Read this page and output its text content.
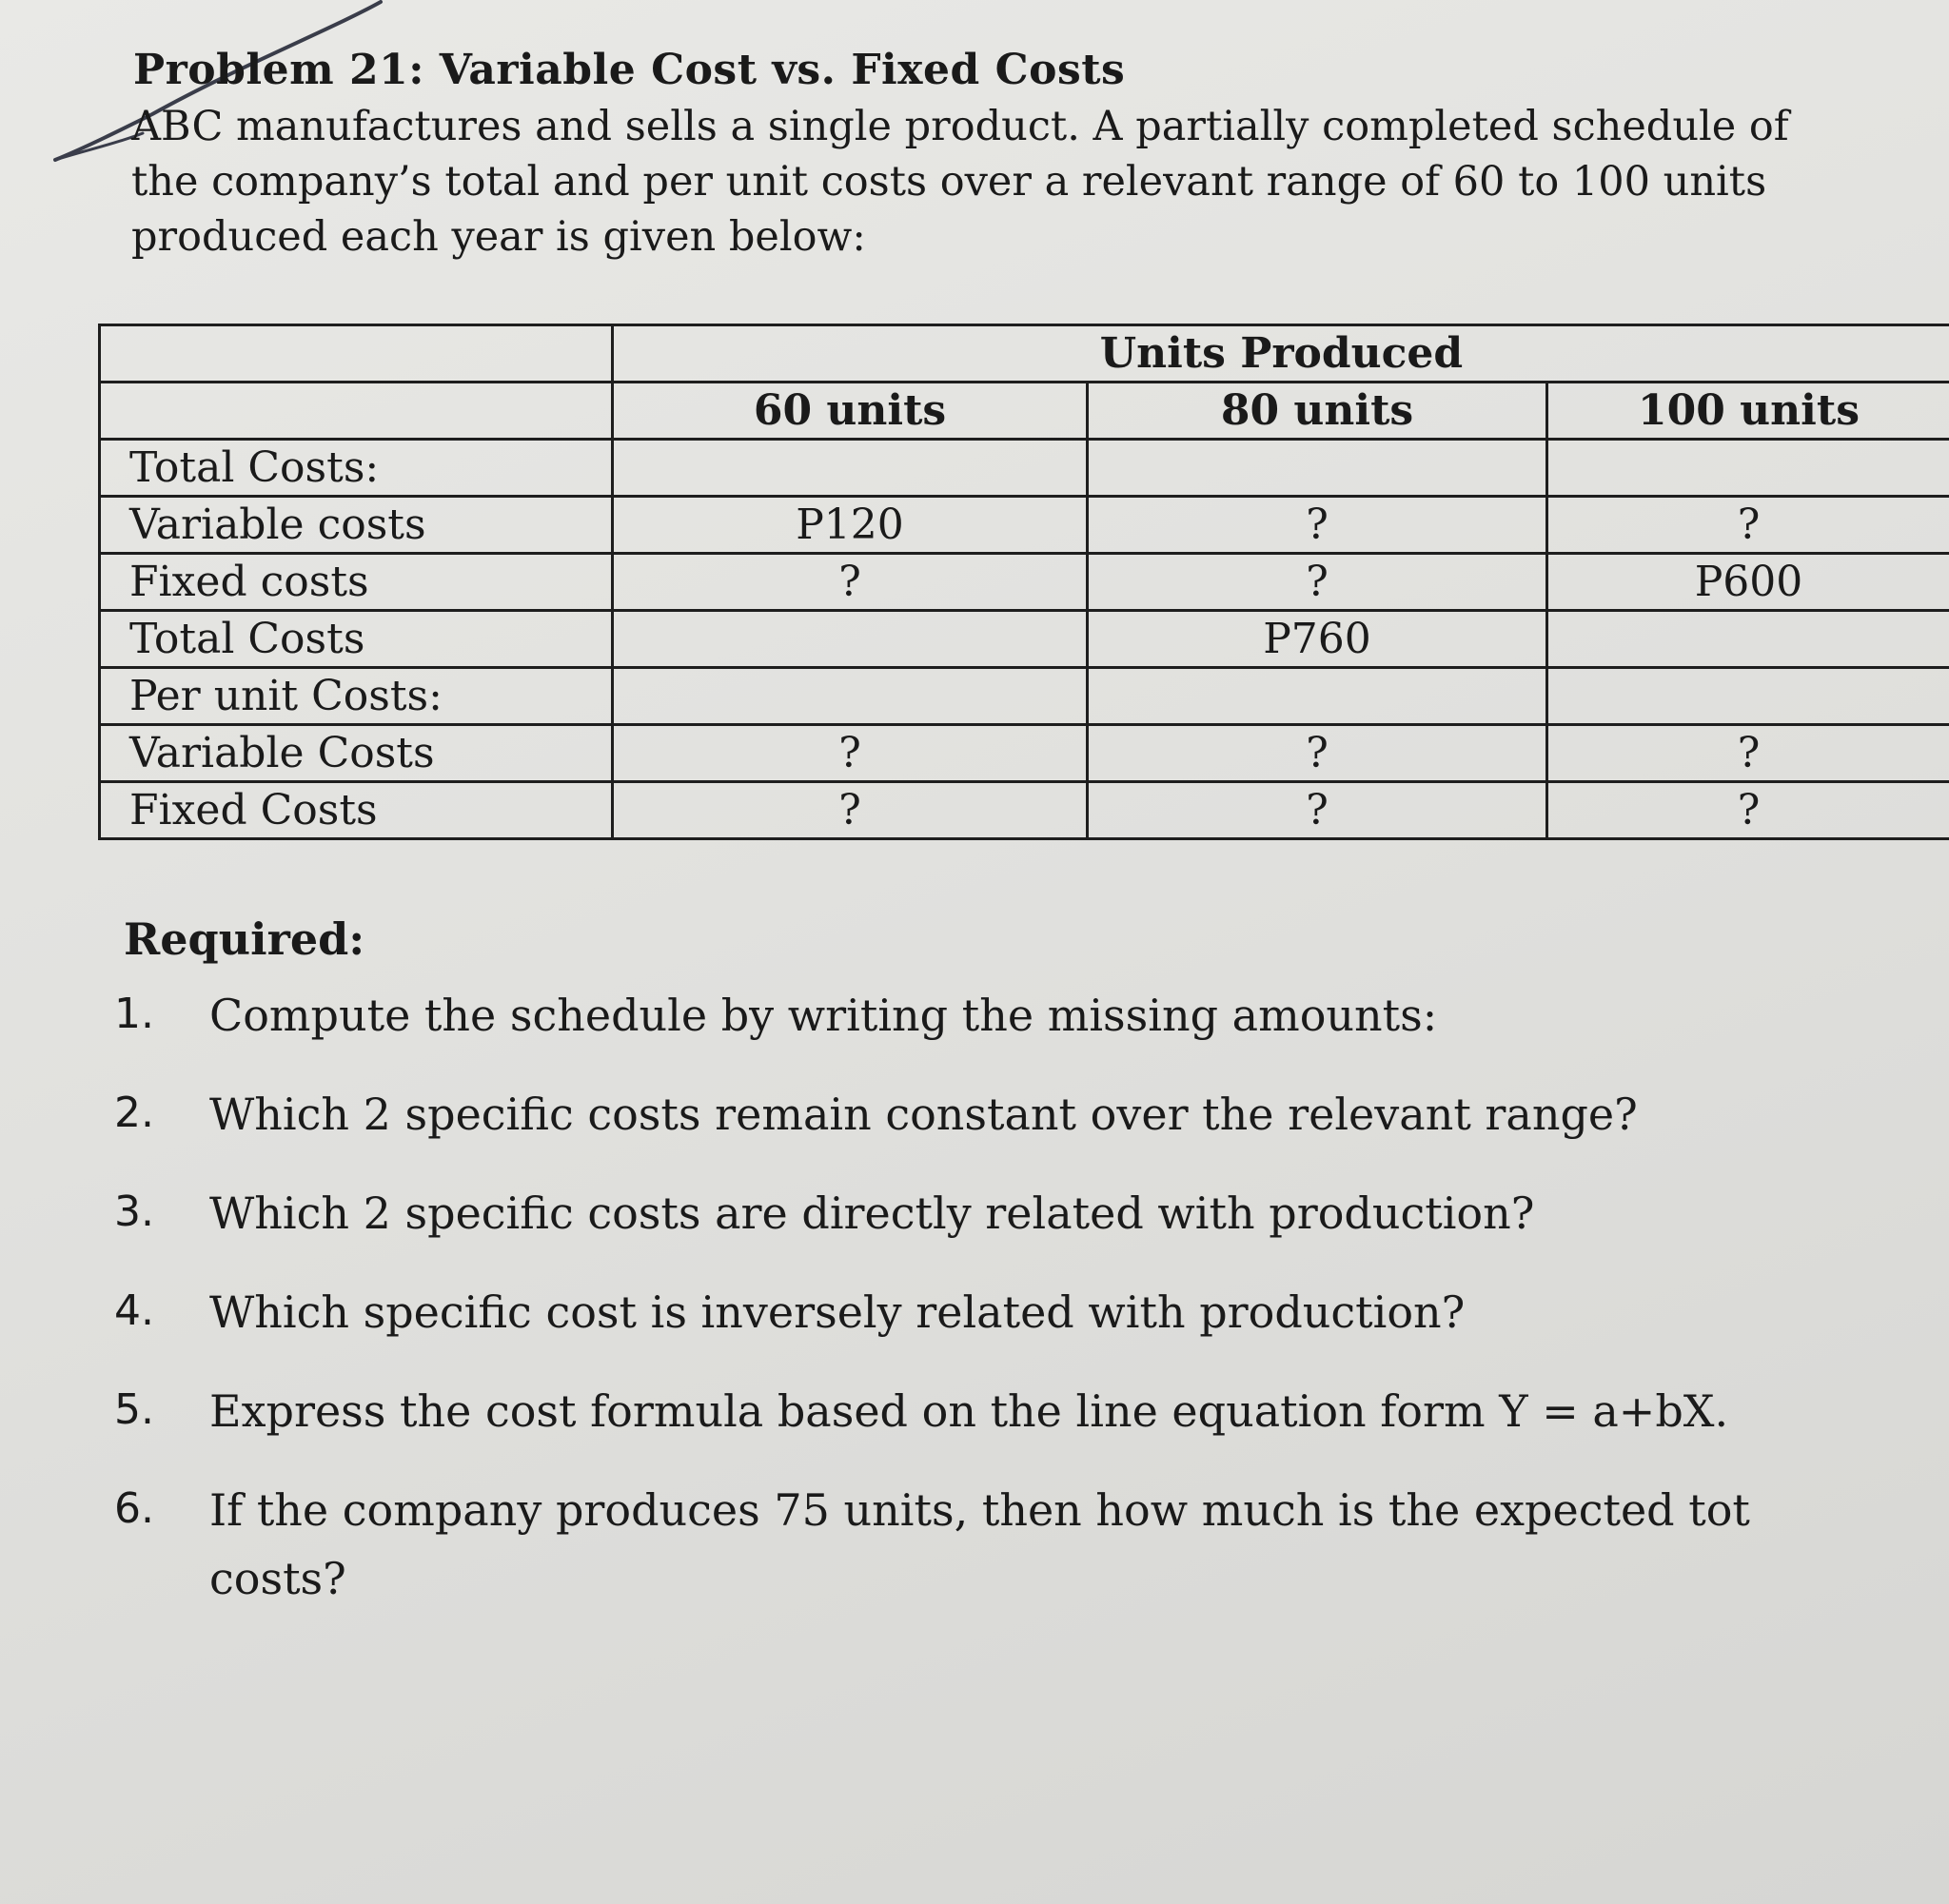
Problem 21: Variable Cost vs. Fixed Costs

ABC manufactures and sells a single product. A partially completed schedule of
the company’s total and per unit costs over a relevant range of 60 to 100 units
produced each year is given below:

	Units Produced		
	60 units	80 units	100 units
Total Costs:			
Variable costs	P120	?	?
Fixed costs	?	?	P600
Total Costs		P760	
Per unit Costs:			
Variable Costs	?	?	?
Fixed Costs	?	?	?
Required:
1.	Compute the schedule by writing the missing amounts:
2.	Which 2 specific costs remain constant over the relevant range?
3.	Which 2 specific costs are directly related with production?
4.	Which specific cost is inversely related with production?
5.	Express the cost formula based on the line equation form Y = a+bX.
6.	If the company produces 75 units, then how much is the expected tot
costs?
